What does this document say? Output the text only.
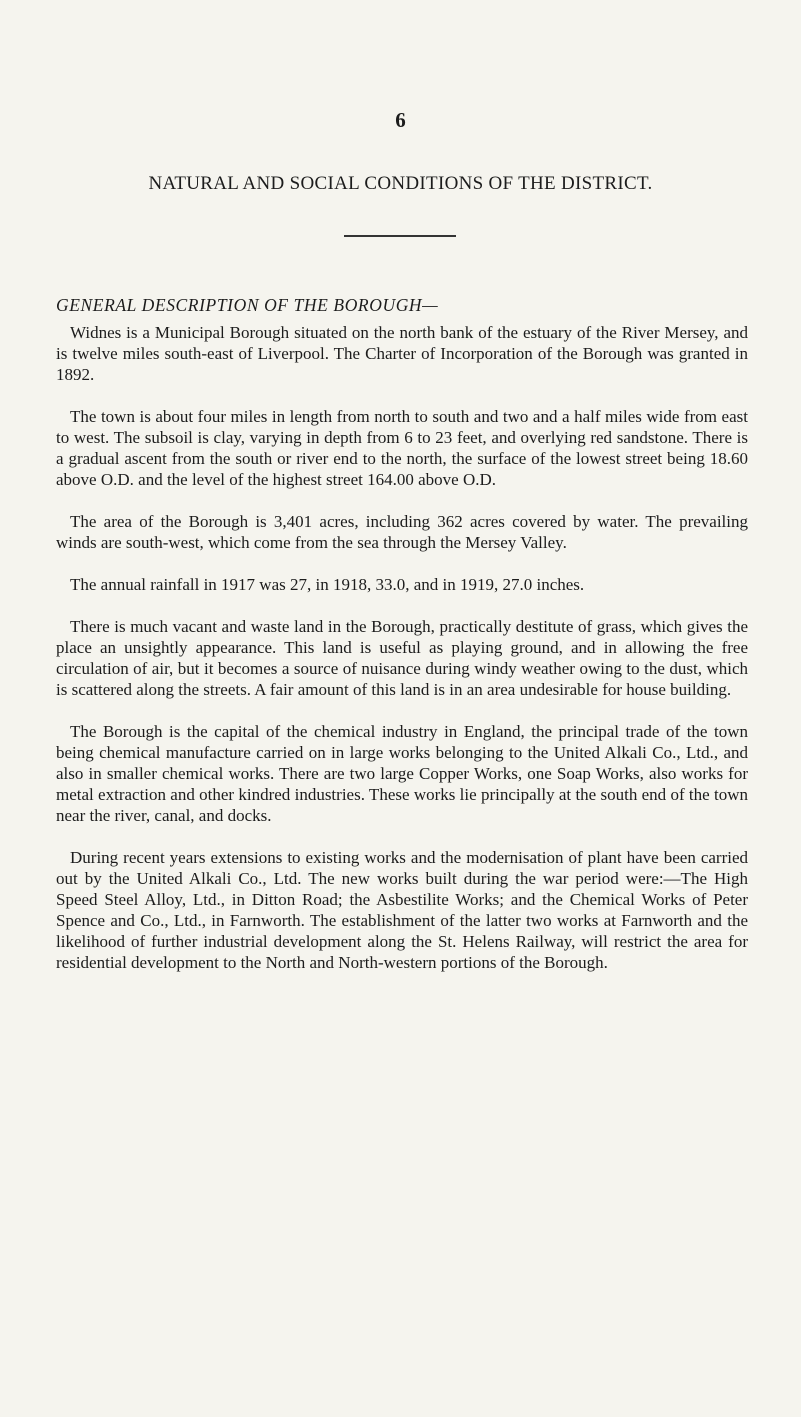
6
NATURAL AND SOCIAL CONDITIONS OF THE DISTRICT.
GENERAL DESCRIPTION OF THE BOROUGH—

Widnes is a Municipal Borough situated on the north bank of the estuary of the River Mersey, and is twelve miles south-east of Liverpool. The Charter of Incorporation of the Borough was granted in 1892.

The town is about four miles in length from north to south and two and a half miles wide from east to west. The subsoil is clay, varying in depth from 6 to 23 feet, and overlying red sandstone. There is a gradual ascent from the south or river end to the north, the surface of the lowest street being 18.60 above O.D. and the level of the highest street 164.00 above O.D.

The area of the Borough is 3,401 acres, including 362 acres covered by water. The prevailing winds are south-west, which come from the sea through the Mersey Valley.

The annual rainfall in 1917 was 27, in 1918, 33.0, and in 1919, 27.0 inches.

There is much vacant and waste land in the Borough, practically destitute of grass, which gives the place an unsightly appearance. This land is useful as playing ground, and in allowing the free circulation of air, but it becomes a source of nuisance during windy weather owing to the dust, which is scattered along the streets. A fair amount of this land is in an area undesirable for house building.

The Borough is the capital of the chemical industry in England, the principal trade of the town being chemical manufacture carried on in large works belonging to the United Alkali Co., Ltd., and also in smaller chemical works. There are two large Copper Works, one Soap Works, also works for metal extraction and other kindred industries. These works lie principally at the south end of the town near the river, canal, and docks.

During recent years extensions to existing works and the modernisation of plant have been carried out by the United Alkali Co., Ltd. The new works built during the war period were:—The High Speed Steel Alloy, Ltd., in Ditton Road; the Asbestilite Works; and the Chemical Works of Peter Spence and Co., Ltd., in Farnworth. The establishment of the latter two works at Farnworth and the likelihood of further industrial development along the St. Helens Railway, will restrict the area for residential development to the North and North-western portions of the Borough.
